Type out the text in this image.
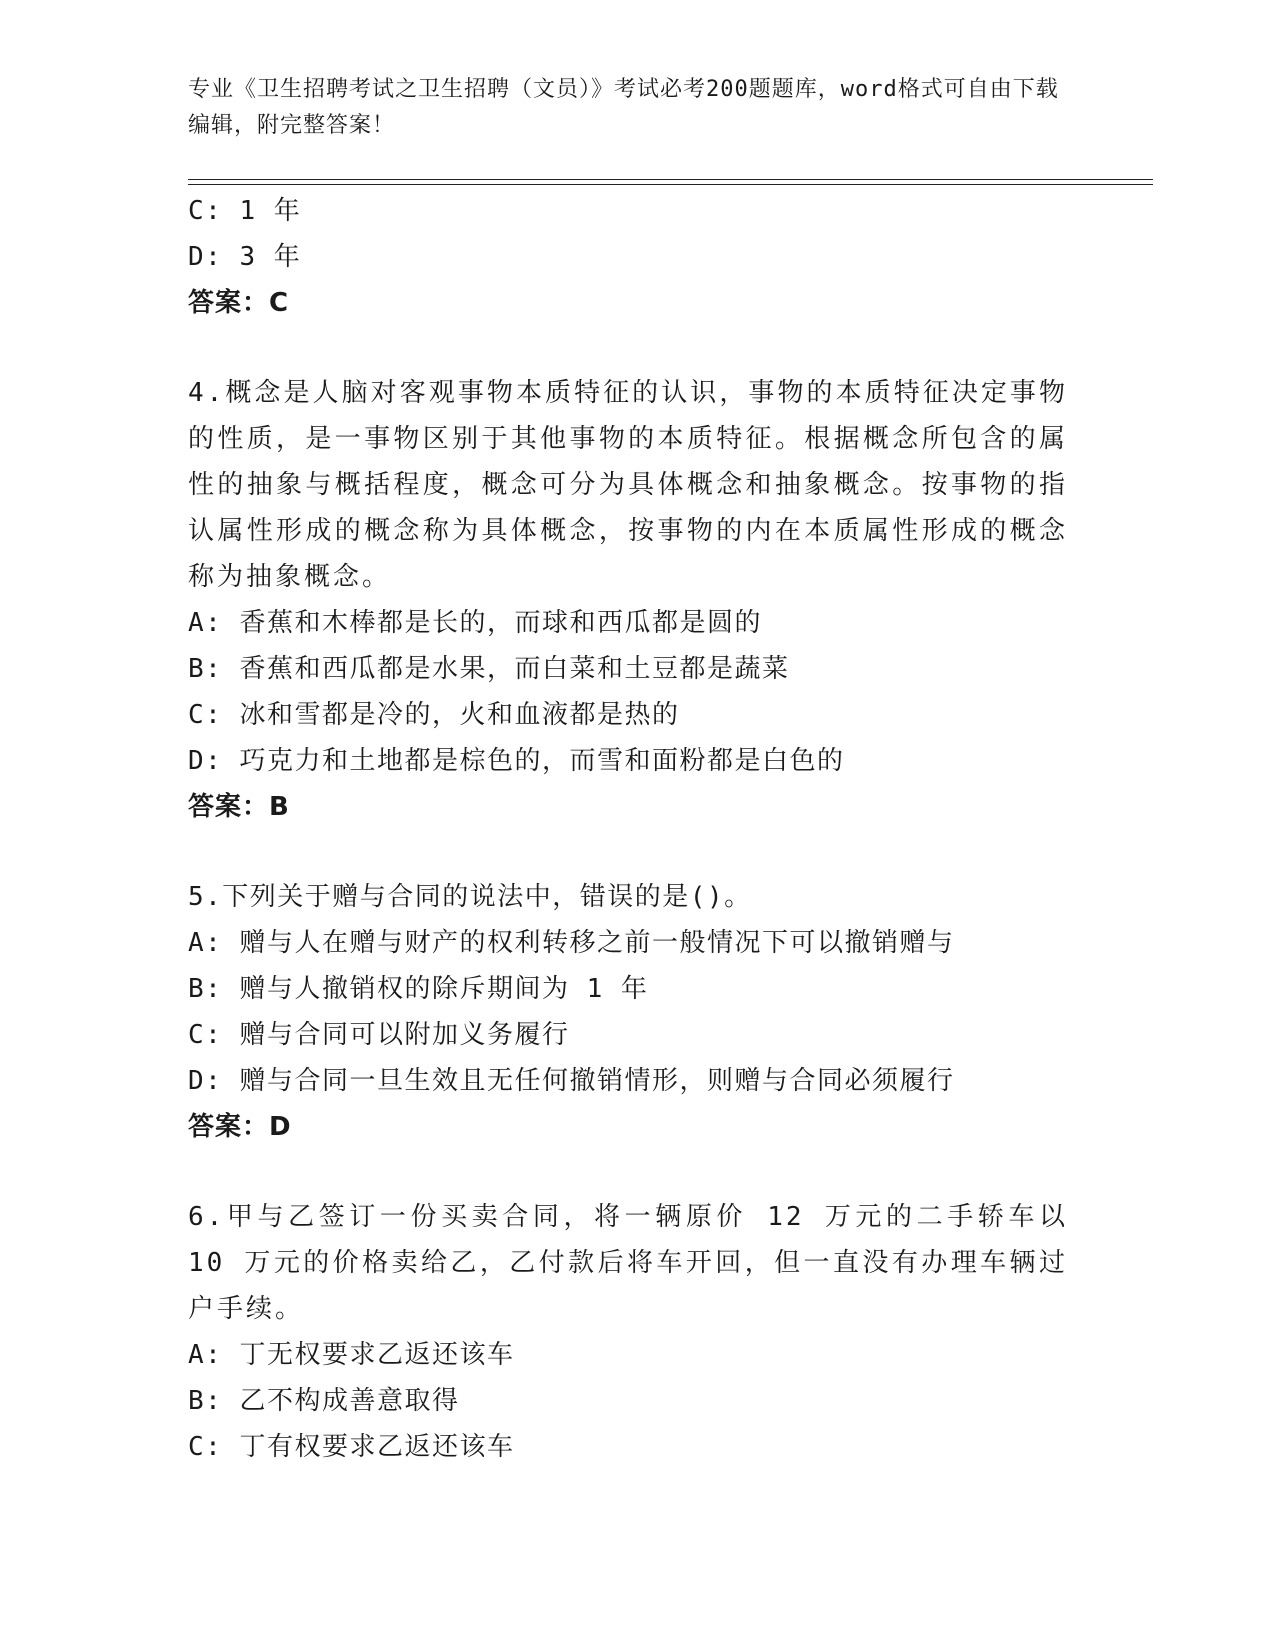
专业《卫生招聘考试之卫生招聘（文员）》考试必考200题题库，word格式可自由下载编辑，附完整答案！
C: 1 年
D: 3 年
答案：C
4.概念是人脑对客观事物本质特征的认识，事物的本质特征决定事物的性质，是一事物区别于其他事物的本质特征。根据概念所包含的属性的抽象与概括程度，概念可分为具体概念和抽象概念。按事物的指认属性形成的概念称为具体概念，按事物的内在本质属性形成的概念称为抽象概念。
A: 香蕉和木棒都是长的，而球和西瓜都是圆的
B: 香蕉和西瓜都是水果，而白菜和土豆都是蔬菜
C: 冰和雪都是冷的，火和血液都是热的
D: 巧克力和土地都是棕色的，而雪和面粉都是白色的
答案：B
5.下列关于赠与合同的说法中，错误的是()。
A: 赠与人在赠与财产的权利转移之前一般情况下可以撤销赠与
B: 赠与人撤销权的除斥期间为 1 年
C: 赠与合同可以附加义务履行
D: 赠与合同一旦生效且无任何撤销情形，则赠与合同必须履行
答案：D
6.甲与乙签订一份买卖合同，将一辆原价 12 万元的二手轿车以 10 万元的价格卖给乙，乙付款后将车开回，但一直没有办理车辆过户手续。
A: 丁无权要求乙返还该车
B: 乙不构成善意取得
C: 丁有权要求乙返还该车
